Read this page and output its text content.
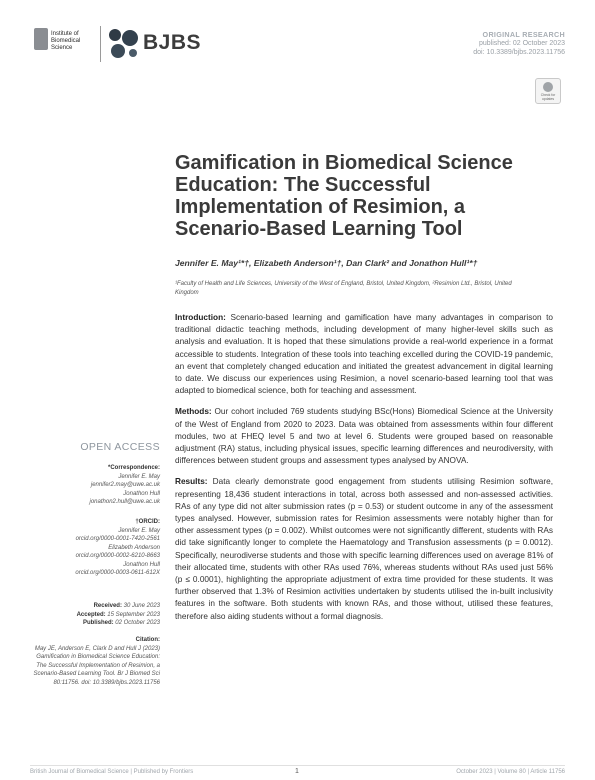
Institute of
Biomedical Science	BJBS	ORIGINAL RESEARCH
published: 02 October 2023
doi: 10.3389/bjbs.2023.11756
Check for updates
Gamification in Biomedical Science Education: The Successful Implementation of Resimion, a Scenario-Based Learning Tool
Jennifer E. May¹*†, Elizabeth Anderson¹†, Dan Clark² and Jonathon Hull¹*†
¹Faculty of Health and Life Sciences, University of the West of England, Bristol, United Kingdom, ²Resimion Ltd., Bristol, United Kingdom

Introduction: Scenario-based learning and gamification have many advantages in comparison to traditional didactic teaching methods, including development of many higher-level skills such as analysis and evaluation. It is hoped that these simulations provide a real-world experience in a format accessible to students. Integration of these tools into teaching excelled during the COVID-19 pandemic, an event that completely changed education and initiated the greatest advancement in digital learning to date. We discuss our experiences using Resimion, a novel scenario-based learning tool that was adapted to biomedical science, both for teaching and assessment.

Methods: Our cohort included 769 students studying BSc(Hons) Biomedical Science at the University of the West of England from 2020 to 2023. Data was obtained from assessments within four different modules, two at FHEQ level 5 and two at level 6. Students were grouped based on reasonable adjustment (RA) status, including physical issues, specific learning differences and neurodiversity, with differences between student groups and assessment types analysed by ANOVA.

Results: Data clearly demonstrate good engagement from students utilising Resimion software, representing 18,436 student interactions in total, across both assessed and non-assessed activities. RAs of any type did not alter submission rates (p = 0.53) or student outcome in any of the assessment types analysed. However, submission rates for Resimion assessments were notably higher than for other assessment types (p = 0.002). Whilst outcomes were not significantly different, students with RAs did take significantly longer to complete the Haematology and Transfusion assessments (p = 0.0012). Specifically, neurodiverse students and those with specific learning differences used on average 81% of their allocated time, students with other RAs used 76%, whereas students without RAs used just 56% (p ≤ 0.0001), highlighting the appropriate adjustment of extra time provided for these students. It was further observed that 1.3% of Resimion activities undertaken by students utilised the in-built inclusivity features in the software. Both students with known RAs, and those without, utilised these features, therefore also aiding students without a formal diagnosis.

OPEN ACCESS
*Correspondence:
Jennifer E. May
jennifer2.may@uwe.ac.uk
Jonathon Hull
jonathon2.hull@uwe.ac.uk
†ORCID:
Jennifer E. May
orcid.org/0000-0001-7420-2561
Elizabeth Anderson
orcid.org/0000-0002-6210-8663
Jonathon Hull
orcid.org/0000-0003-0611-612X
Received: 30 June 2023
Accepted: 15 September 2023
Published: 02 October 2023
Citation:
May JE, Anderson E, Clark D and Hull J (2023) Gamification in Biomedical Science Education: The Successful Implementation of Resimion, a Scenario-Based Learning Tool. Br J Biomed Sci 80:11756. doi: 10.3389/bjbs.2023.11756
British Journal of Biomedical Science | Published by Frontiers	1	October 2023 | Volume 80 | Article 11756
